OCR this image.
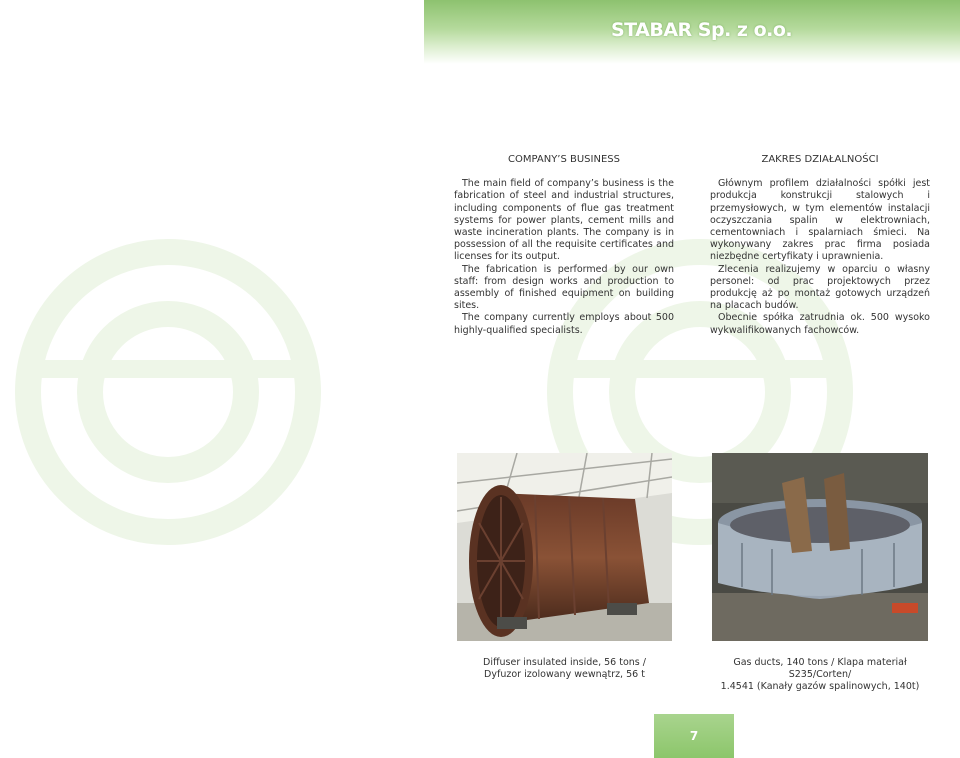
STABAR Sp. z o.o.
COMPANY’S BUSINESS

The main field of company’s business is the fabrication of steel and industrial structures, including components of flue gas treatment systems for power plants, cement mills and waste incineration plants. The company is in possession of all the requisite certificates and licenses for its output.

The fabrication is performed by our own staff: from design works and production to assembly of finished equipment on building sites.

The company currently employs about 500 highly-qualified specialists.

ZAKRES DZIAŁALNOŚCI

Głównym profilem działalności spółki jest produkcja konstrukcji stalowych i przemysłowych, w tym elementów instalacji oczyszczania spalin w elektrowniach, cementowniach i spalarniach śmieci. Na wykonywany zakres prac firma posiada niezbędne certyfikaty i uprawnienia.

Zlecenia realizujemy w oparciu o własny personel: od prac projektowych przez produkcję aż po montaż gotowych urządzeń na placach budów.

Obecnie spółka zatrudnia ok. 500 wysoko wykwalifikowanych fachowców.

Diffuser insulated inside, 56 tons /
Dyfuzor izolowany wewnątrz, 56 t
Gas ducts, 140 tons / Klapa materiał S235/Corten/
1.4541 (Kanały gazów spalinowych, 140t)
7
